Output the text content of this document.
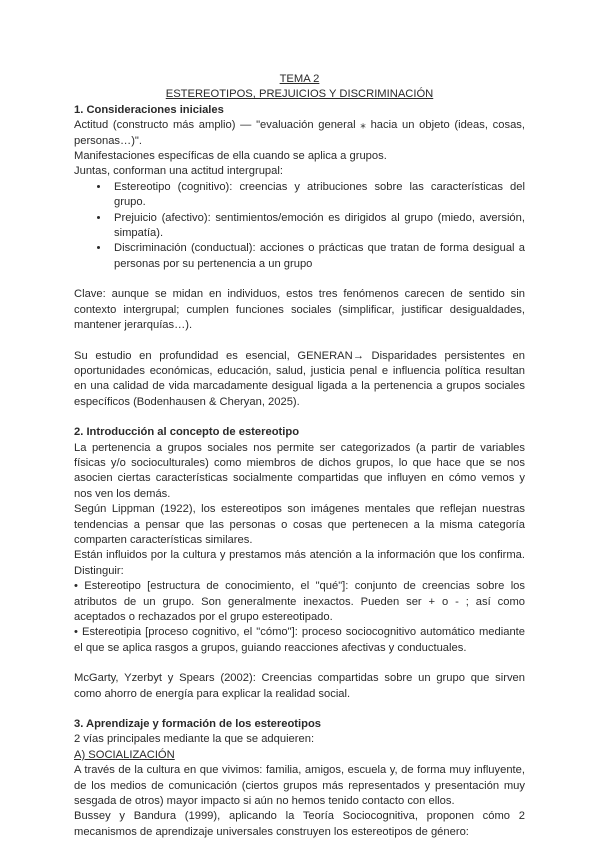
TEMA 2

ESTEREOTIPOS, PREJUICIOS Y DISCRIMINACIÓN

1. Consideraciones iniciales

Actitud (constructo más amplio) — "evaluación general ⁎ hacia un objeto (ideas, cosas, personas…)".

Manifestaciones específicas de ella cuando se aplica a grupos.

Juntas, conforman una actitud intergrupal:

• Estereotipo (cognitivo): creencias y atribuciones sobre las características del grupo.
• Prejuicio (afectivo): sentimientos/emoción es dirigidos al grupo (miedo, aversión, simpatía).
• Discriminación (conductual): acciones o prácticas que tratan de forma desigual a personas por su pertenencia a un grupo

Clave: aunque se midan en individuos, estos tres fenómenos carecen de sentido sin contexto intergrupal; cumplen funciones sociales (simplificar, justificar desigualdades, mantener jerarquías…).

Su estudio en profundidad es esencial, GENERAN→ Disparidades persistentes en oportunidades económicas, educación, salud, justicia penal e influencia política resultan en una calidad de vida marcadamente desigual ligada a la pertenencia a grupos sociales específicos (Bodenhausen & Cheryan, 2025).

2. Introducción al concepto de estereotipo

La pertenencia a grupos sociales nos permite ser categorizados (a partir de variables físicas y/o socioculturales) como miembros de dichos grupos, lo que hace que se nos asocien ciertas características socialmente compartidas que influyen en cómo vemos y nos ven los demás.

Según Lippman (1922), los estereotipos son imágenes mentales que reflejan nuestras tendencias a pensar que las personas o cosas que pertenecen a la misma categoría comparten características similares.

Están influidos por la cultura y prestamos más atención a la información que los confirma. Distinguir:

• Estereotipo [estructura de conocimiento, el "qué"]: conjunto de creencias sobre los atributos de un grupo. Son generalmente inexactos. Pueden ser + o - ; así como aceptados o rechazados por el grupo estereotipado.

• Estereotipia [proceso cognitivo, el "cómo"]: proceso sociocognitivo automático mediante el que se aplica rasgos a grupos, guiando reacciones afectivas y conductuales.

McGarty, Yzerbyt y Spears (2002): Creencias compartidas sobre un grupo que sirven como ahorro de energía para explicar la realidad social.

3. Aprendizaje y formación de los estereotipos

2 vías principales mediante la que se adquieren:

A) SOCIALIZACIÓN

A través de la cultura en que vivimos: familia, amigos, escuela y, de forma muy influyente, de los medios de comunicación (ciertos grupos más representados y presentación muy sesgada de otros) mayor impacto si aún no hemos tenido contacto con ellos.

Bussey y Bandura (1999), aplicando la Teoría Sociocognitiva, proponen cómo 2 mecanismos de aprendizaje universales construyen los estereotipos de género:
